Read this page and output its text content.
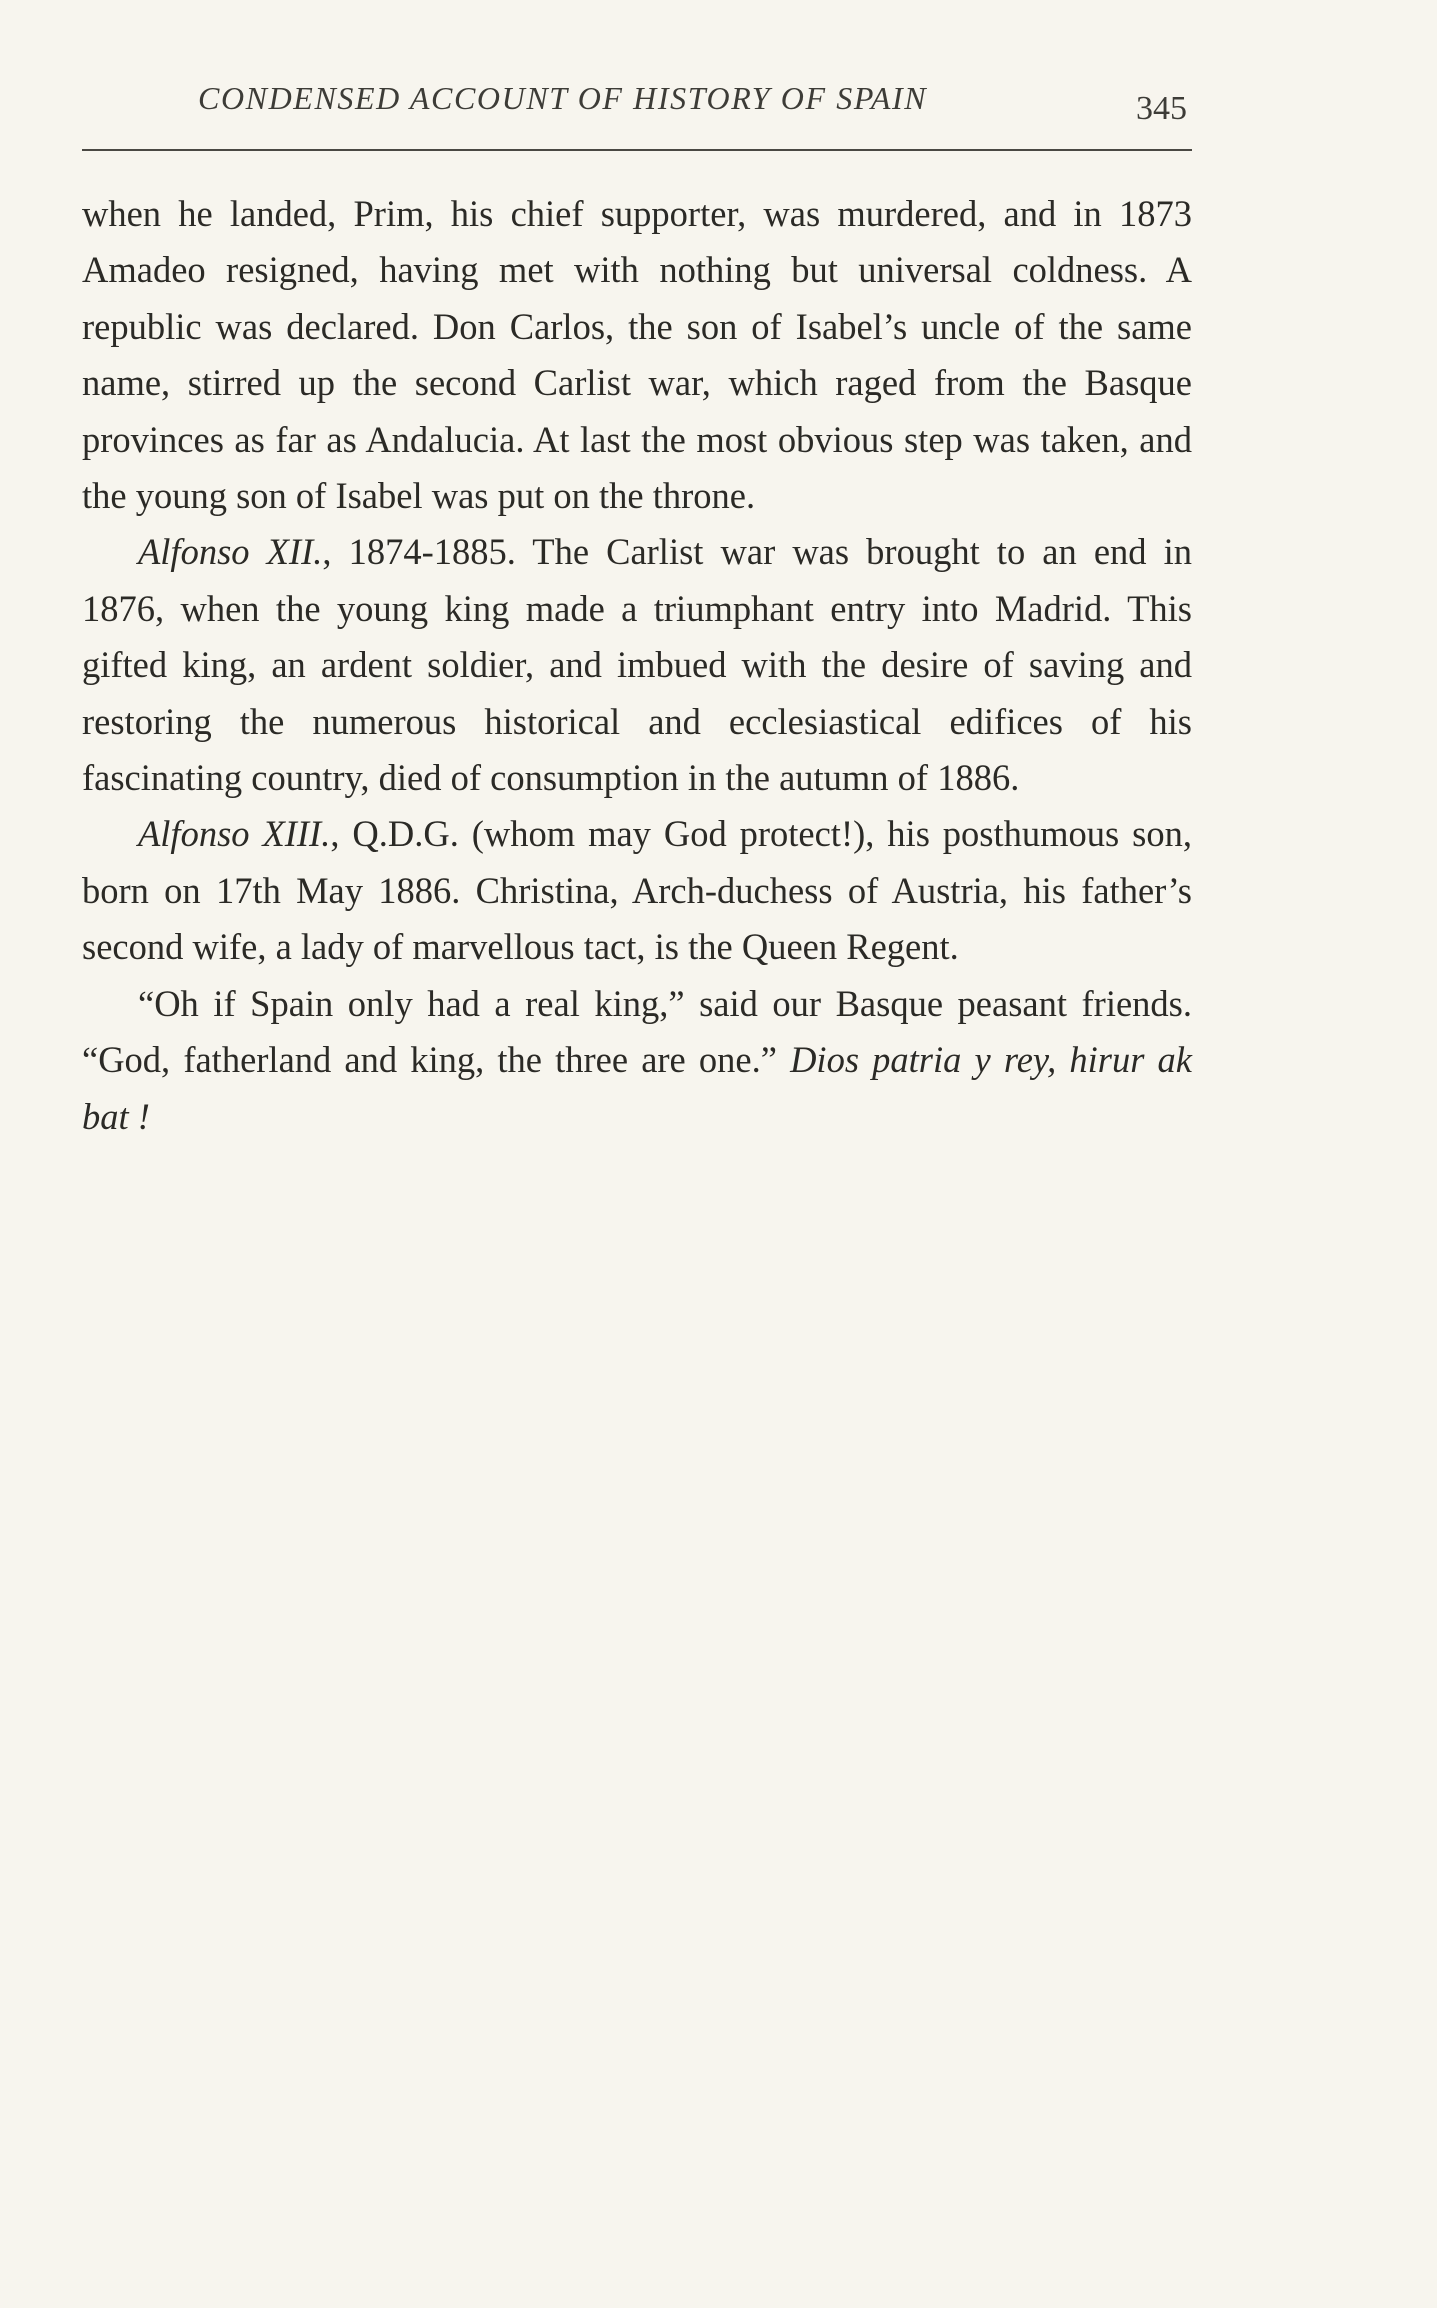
CONDENSED ACCOUNT OF HISTORY OF SPAIN	345

when he landed, Prim, his chief supporter, was murdered, and in 1873 Amadeo resigned, having met with nothing but universal coldness. A republic was declared. Don Carlos, the son of Isabel’s uncle of the same name, stirred up the second Carlist war, which raged from the Basque provinces as far as Andalucia. At last the most obvious step was taken, and the young son of Isabel was put on the throne.

Alfonso XII., 1874-1885. The Carlist war was brought to an end in 1876, when the young king made a triumphant entry into Madrid. This gifted king, an ardent soldier, and imbued with the desire of saving and restoring the numerous historical and ecclesiastical edifices of his fascinating country, died of consumption in the autumn of 1886.

Alfonso XIII., Q.D.G. (whom may God protect!), his posthumous son, born on 17th May 1886. Christina, Arch-duchess of Austria, his father’s second wife, a lady of marvellous tact, is the Queen Regent.

“Oh if Spain only had a real king,” said our Basque peasant friends. “God, fatherland and king, the three are one.” Dios patria y rey, hirur ak bat !
